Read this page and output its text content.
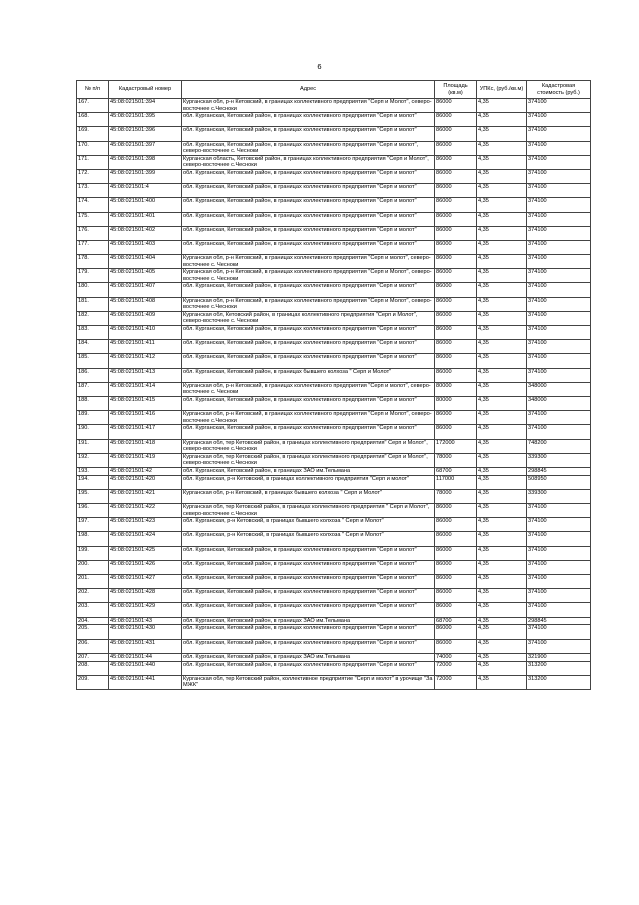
6
№ п/п	Кадастровый номер	Адрес	Площадь (кв.м)	УПКс, (руб./кв.м)	Кадастровая стоимость (руб.)
167.	45:08:021501:394	Курганская обл, р-н Кетовский, в границах коллективного предприятия "Серп и Молот", северо-восточнее с.Чесноки	86000	4,35	374100
168.	45:08:021501:395	обл. Курганская, Кетовский район, в границах коллективного предприятия "Серп и молот"	86000	4,35	374100
169.	45:08:021501:396	обл. Курганская, Кетовский район, в границах коллективного предприятия "Серп и молот"	86000	4,35	374100
170.	45:08:021501:397	обл. Курганская, Кетовский район, в границах коллективного предприятия "Серп и молот", северо-восточнее с. Чесноки	86000	4,35	374100
171.	45:08:021501:398	Курганская область, Кетовский район, в границах коллективного предприятия "Серп и Молот", северо-восточнее с.Чесноки	86000	4,35	374100
172.	45:08:021501:399	обл. Курганская, Кетовский район, в границах коллективного предприятия "Серп и молот"	86000	4,35	374100
173.	45:08:021501:4	обл. Курганская, Кетовский район, в границах коллективного предприятия "Серп и молот"	86000	4,35	374100
174.	45:08:021501:400	обл. Курганская, Кетовский район, в границах коллективного предприятия "Серп и молот"	86000	4,35	374100
175.	45:08:021501:401	обл. Курганская, Кетовский район, в границах коллективного предприятия "Серп и молот"	86000	4,35	374100
176.	45:08:021501:402	обл. Курганская, Кетовский район, в границах коллективного предприятия "Серп и молот"	86000	4,35	374100
177.	45:08:021501:403	обл. Курганская, Кетовский район, в границах коллективного предприятия "Серп и молот"	86000	4,35	374100
178.	45:08:021501:404	Курганская обл, р-н Кетовский, в границах коллективного предприятия "Серп и молот", северо-восточнее с. Чесноки	86000	4,35	374100
179.	45:08:021501:405	Курганская обл, р-н Кетовский, в границах коллективного предприятия "Серп и Молот", северо-восточнее с. Чесноки	86000	4,35	374100
180.	45:08:021501:407	обл. Курганская, Кетовский район, в границах коллективного предприятия "Серп и молот"	86000	4,35	374100
181.	45:08:021501:408	Курганская обл, р-н Кетовский, в границах коллективного предприятия "Серп и Молот", северо-восточнее с.Чесноки	86000	4,35	374100
182.	45:08:021501:409	Курганская обл, Кетовский район, в границах коллективного предприятия "Серп и Молот", северо-восточнее с. Чесноки	86000	4,35	374100
183.	45:08:021501:410	обл. Курганская, Кетовский район, в границах коллективного предприятия "Серп и молот"	86000	4,35	374100
184.	45:08:021501:411	обл. Курганская, Кетовский район, в границах коллективного предприятия "Серп и молот"	86000	4,35	374100
185.	45:08:021501:412	обл. Курганская, Кетовский район, в границах коллективного предприятия "Серп и молот"	86000	4,35	374100
186.	45:08:021501:413	обл. Курганская, Кетовский район, в границах бывшего колхоза " Серп и Молот"	86000	4,35	374100
187.	45:08:021501:414	Курганская обл, р-н Кетовский, в границах коллективного предприятия "Серп и молот", северо-восточнее с. Чесноки	80000	4,35	348000
188.	45:08:021501:415	обл. Курганская, Кетовский район, в границах коллективного предприятия "Серп и молот"	80000	4,35	348000
189.	45:08:021501:416	Курганская обл, р-н Кетовский, в границах коллективного предприятия "Серп и Молот", северо-восточнее с.Чесноки	86000	4,35	374100
190.	45:08:021501:417	обл. Курганская, Кетовский район, в границах коллективного предприятия "Серп и молот"	86000	4,35	374100
191.	45:08:021501:418	Курганская обл, тер Кетовский район, в границах коллективного предприятия" Серп и Молот", северо-восточнее с.Чесноки	172000	4,35	748200
192.	45:08:021501:419	Курганская обл, тер Кетовский район, в границах коллективного предприятия" Серп и Молот", северо-восточнее с.Чесноки	78000	4,35	339300
193.	45:08:021501:42	обл. Курганская, Кетовский район, в границах ЗАО им.Тельмана	68700	4,35	298845
194.	45:08:021501:420	обл. Курганская, р-н Кетовский, в границах коллективного предприятия "Серп и молот"	117000	4,35	508950
195.	45:08:021501:421	Курганская обл, р-н Кетовский, в границах бывшего колхоза " Серп и Молот"	78000	4,35	339300
196.	45:08:021501:422	Курганская обл, тер Кетовский район, в границах коллективного предприятия " Серп и Молот", северо-восточнее с.Чесноки	86000	4,35	374100
197.	45:08:021501:423	обл. Курганская, р-н Кетовский, в границах бывшего колхоза " Серп и Молот"	86000	4,35	374100
198.	45:08:021501:424	обл. Курганская, р-н Кетовский, в границах бывшего колхоза " Серп и Молот"	86000	4,35	374100
199.	45:08:021501:425	обл. Курганская, Кетовский район, в границах коллективного предприятия "Серп и молот"	86000	4,35	374100
200.	45:08:021501:426	обл. Курганская, Кетовский район, в границах коллективного предприятия "Серп и молот"	86000	4,35	374100
201.	45:08:021501:427	обл. Курганская, Кетовский район, в границах коллективного предприятия "Серп и молот"	86000	4,35	374100
202.	45:08:021501:428	обл. Курганская, Кетовский район, в границах коллективного предприятия "Серп и молот"	86000	4,35	374100
203.	45:08:021501:429	обл. Курганская, Кетовский район, в границах коллективного предприятия "Серп и молот"	86000	4,35	374100
204.	45:08:021501:43	обл. Курганская, Кетовский район, в границах ЗАО им.Тельмана	68700	4,35	298845
205.	45:08:021501:430	обл. Курганская, Кетовский район, в границах коллективного предприятия "Серп и молот"	86000	4,35	374100
206.	45:08:021501:431	обл. Курганская, Кетовский район, в границах коллективного предприятия "Серп и молот"	86000	4,35	374100
207.	45:08:021501:44	обл. Курганская, Кетовский район, в границах ЗАО им.Тельмана	74000	4,35	321900
208.	45:08:021501:440	обл. Курганская, Кетовский район, в границах коллективного предприятия "Серп и молот"	72000	4,35	313200
209.	45:08:021501:441	Курганская обл, тер Кетовский район, коллективное предприятие "Серп и молот" в урочище "За МЖК"	72000	4,35	313200
